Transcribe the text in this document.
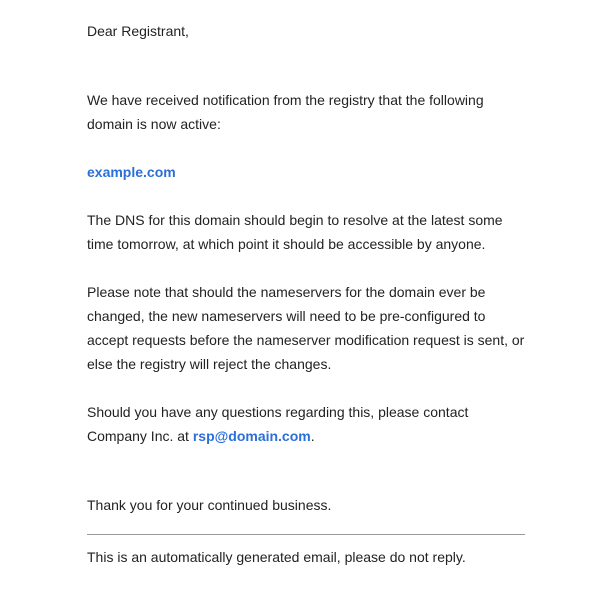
Dear Registrant,

We have received notification from the registry that the following domain is now active:

example.com

The DNS for this domain should begin to resolve at the latest some time tomorrow, at which point it should be accessible by anyone.

Please note that should the nameservers for the domain ever be changed, the new nameservers will need to be pre-configured to accept requests before the nameserver modification request is sent, or else the registry will reject the changes.

Should you have any questions regarding this, please contact Company Inc. at rsp@domain.com.

Thank you for your continued business.

This is an automatically generated email, please do not reply.
